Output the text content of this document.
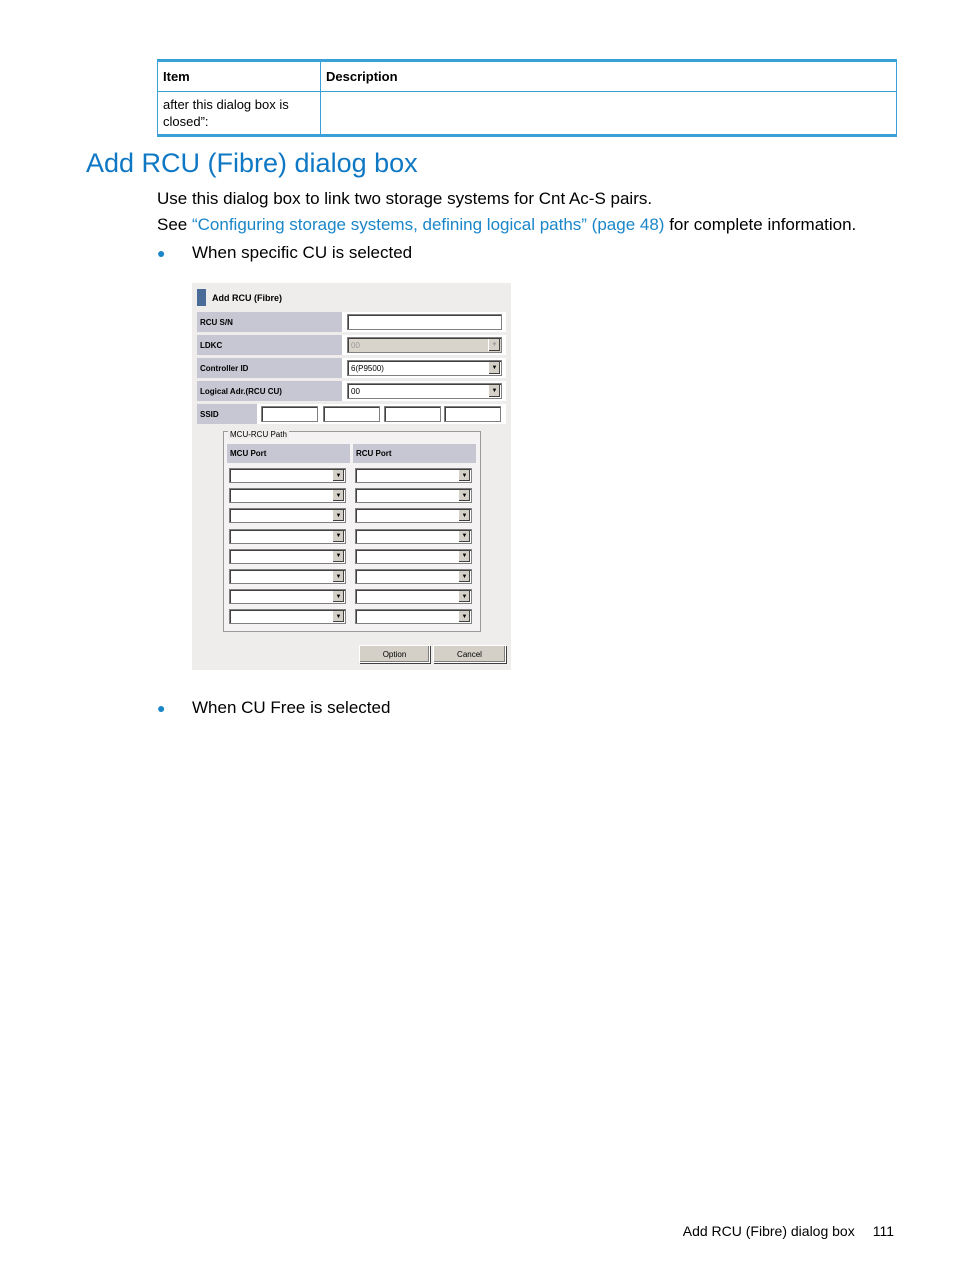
Item	Description
after this dialog box is closed”:	
Add RCU (Fibre) dialog box

Use this dialog box to link two storage systems for Cnt Ac-S pairs.

See “Configuring storage systems, defining logical paths” (page 48) for complete information.

● When specific CU is selected
Add RCU (Fibre)
RCU S/N
LDKC	00	▼
Controller ID	6(P9500)	▼
Logical Adr.(RCU CU)	00	▼
SSID
MCU-RCU Path
MCU Port	RCU Port
▼	▼
▼	▼
▼	▼
▼	▼
▼	▼
▼	▼
▼	▼
▼	▼
Option	Cancel
● When CU Free is selected
Add RCU (Fibre) dialog box 111
